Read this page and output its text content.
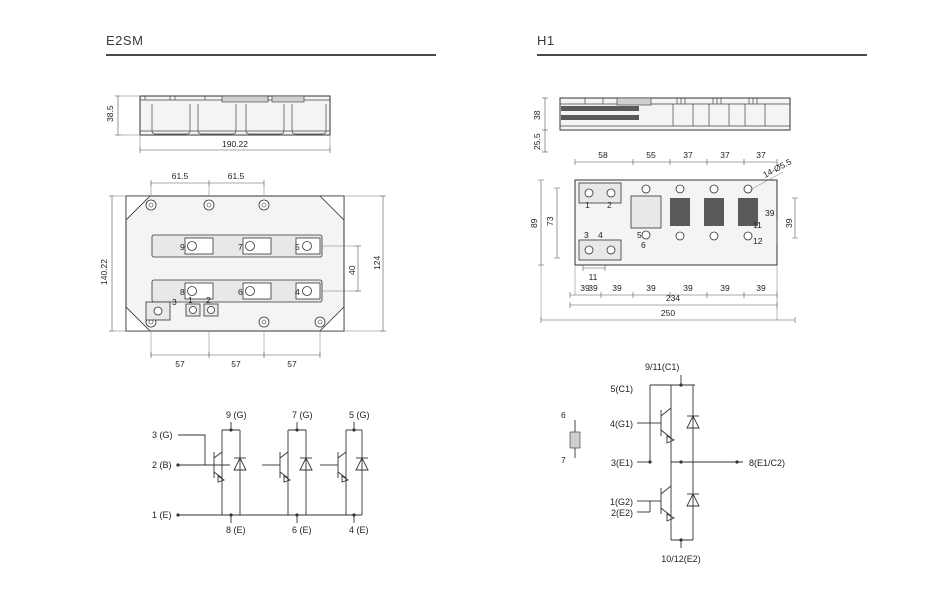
E2SM
38.5
190.22
9	7	5
8	6	4
3 1 2
61.5	61.5
140.22	124
40
57	57	57
3 (G)
2 (B)
1 (E)
9 (G)	7 (G)	5 (G)
8 (E)	6 (E)	4 (E)
H1
38
25.5
1 2
3 4	5
6
11
12
58	55	37	37	37
89 73	39
39
14-Ø5.5
11
39
39	39	39	39	39	39
234
250
6
7
9/11(C1)
5(C1)
4(G1)
3(E1)	8(E1/C2)
1(G2)
2(E2)
10/12(E2)
